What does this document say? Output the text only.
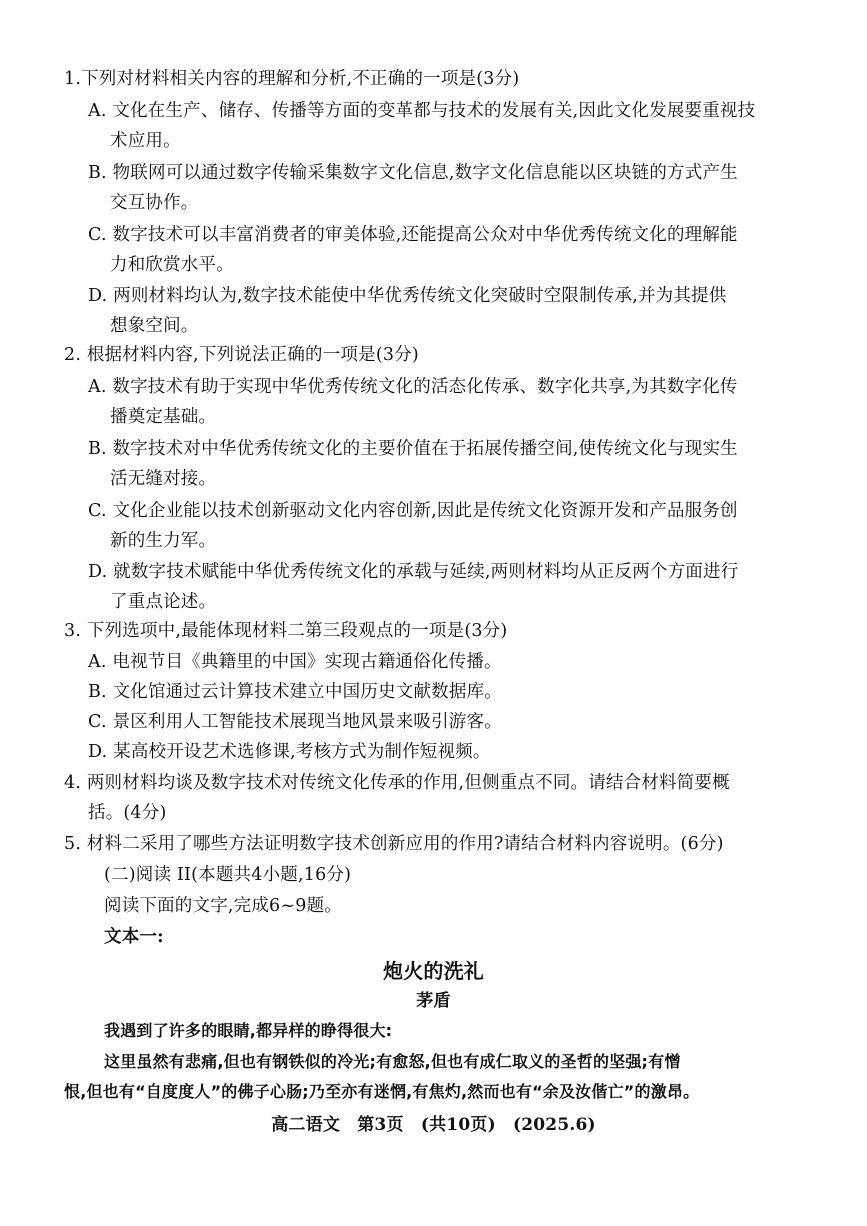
1.下列对材料相关内容的理解和分析,不正确的一项是(3分)
A. 文化在生产、储存、传播等方面的变革都与技术的发展有关,因此文化发展要重视技
术应用。
B. 物联网可以通过数字传输采集数字文化信息,数字文化信息能以区块链的方式产生
交互协作。
C. 数字技术可以丰富消费者的审美体验,还能提高公众对中华优秀传统文化的理解能
力和欣赏水平。
D. 两则材料均认为,数字技术能使中华优秀传统文化突破时空限制传承,并为其提供
想象空间。
2. 根据材料内容,下列说法正确的一项是(3分)
A. 数字技术有助于实现中华优秀传统文化的活态化传承、数字化共享,为其数字化传
播奠定基础。
B. 数字技术对中华优秀传统文化的主要价值在于拓展传播空间,使传统文化与现实生
活无缝对接。
C. 文化企业能以技术创新驱动文化内容创新,因此是传统文化资源开发和产品服务创
新的生力军。
D. 就数字技术赋能中华优秀传统文化的承载与延续,两则材料均从正反两个方面进行
了重点论述。
3. 下列选项中,最能体现材料二第三段观点的一项是(3分)
A. 电视节目《典籍里的中国》实现古籍通俗化传播。
B. 文化馆通过云计算技术建立中国历史文献数据库。
C. 景区利用人工智能技术展现当地风景来吸引游客。
D. 某高校开设艺术选修课,考核方式为制作短视频。
4. 两则材料均谈及数字技术对传统文化传承的作用,但侧重点不同。请结合材料简要概
括。(4分)
5. 材料二采用了哪些方法证明数字技术创新应用的作用?请结合材料内容说明。(6分)
(二)阅读 II(本题共4小题,16分)
阅读下面的文字,完成6~9题。
文本一:
炮火的洗礼
茅盾
我遇到了许多的眼睛,都异样的睁得很大:
这里虽然有悲痛,但也有钢铁似的冷光;有愈怒,但也有成仁取义的圣哲的坚强;有憎
恨,但也有“自度度人”的佛子心肠;乃至亦有迷惘,有焦灼,然而也有“余及汝偕亡”的激昂。
高二语文　第3页　(共10页)　(2025.6)
